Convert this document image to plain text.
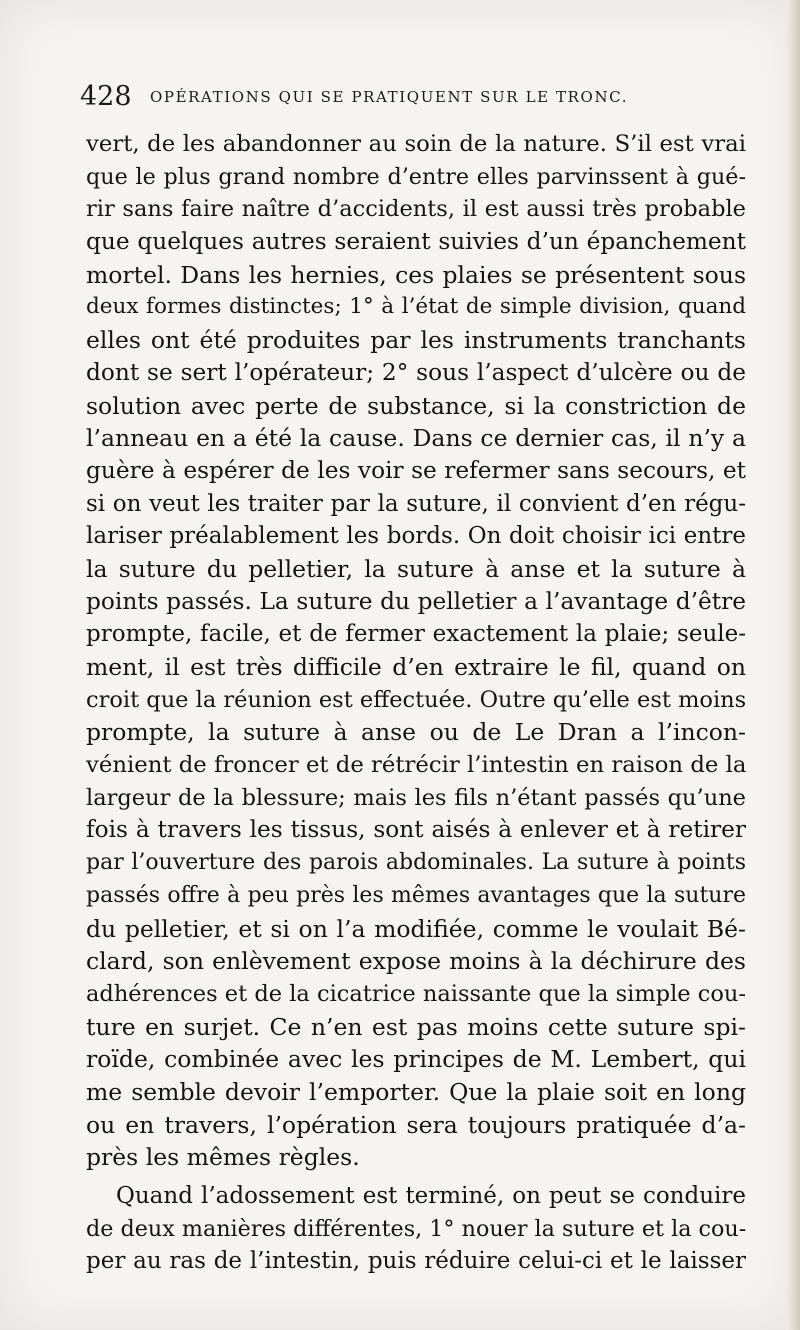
428 OPÉRATIONS QUI SE PRATIQUENT SUR LE TRONC.
vert, de les abandonner au soin de la nature. S’il est vrai
que le plus grand nombre d’entre elles parvinssent à gué-
rir sans faire naître d’accidents, il est aussi très probable
que quelques autres seraient suivies d’un épanchement
mortel. Dans les hernies, ces plaies se présentent sous
deux formes distinctes; 1° à l’état de simple division, quand
elles ont été produites par les instruments tranchants
dont se sert l’opérateur; 2° sous l’aspect d’ulcère ou de
solution avec perte de substance, si la constriction de
l’anneau en a été la cause. Dans ce dernier cas, il n’y a
guère à espérer de les voir se refermer sans secours, et
si on veut les traiter par la suture, il convient d’en régu-
lariser préalablement les bords. On doit choisir ici entre
la suture du pelletier, la suture à anse et la suture à
points passés. La suture du pelletier a l’avantage d’être
prompte, facile, et de fermer exactement la plaie; seule-
ment, il est très difficile d’en extraire le fil, quand on
croit que la réunion est effectuée. Outre qu’elle est moins
prompte, la suture à anse ou de Le Dran a l’incon-
vénient de froncer et de rétrécir l’intestin en raison de la
largeur de la blessure; mais les fils n’étant passés qu’une
fois à travers les tissus, sont aisés à enlever et à retirer
par l’ouverture des parois abdominales. La suture à points
passés offre à peu près les mêmes avantages que la suture
du pelletier, et si on l’a modifiée, comme le voulait Bé-
clard, son enlèvement expose moins à la déchirure des
adhérences et de la cicatrice naissante que la simple cou-
ture en surjet. Ce n’en est pas moins cette suture spi-
roïde, combinée avec les principes de M. Lembert, qui
me semble devoir l’emporter. Que la plaie soit en long
ou en travers, l’opération sera toujours pratiquée d’a-
près les mêmes règles.
Quand l’adossement est terminé, on peut se conduire
de deux manières différentes, 1° nouer la suture et la cou-
per au ras de l’intestin, puis réduire celui-ci et le laisser
